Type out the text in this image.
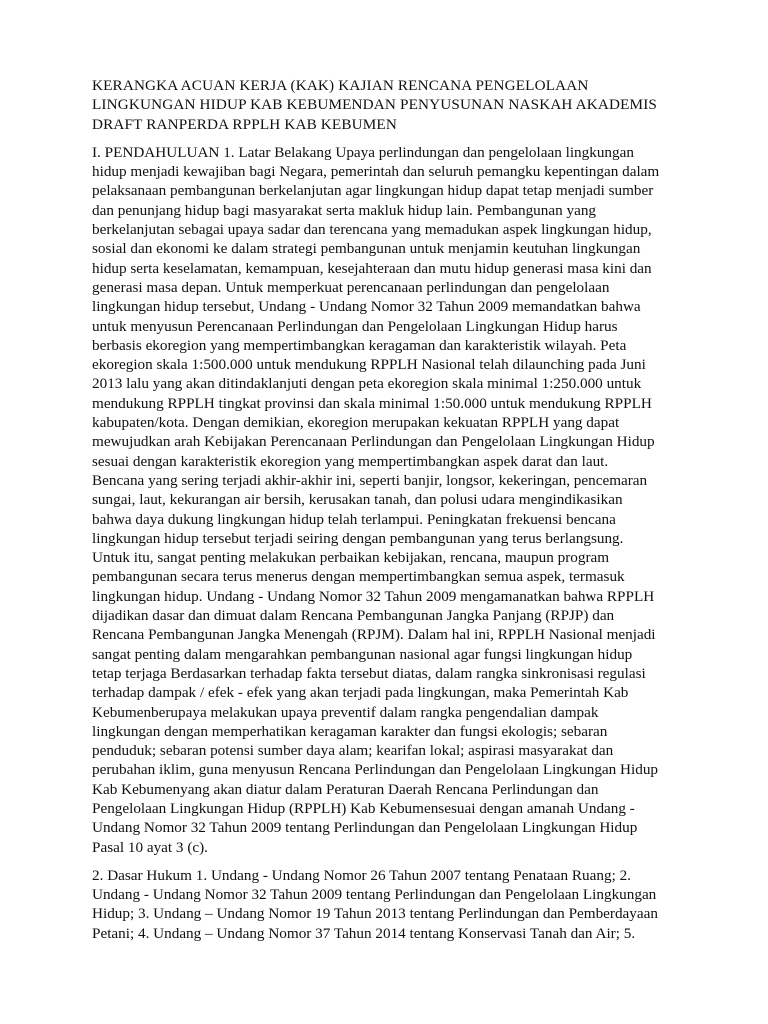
KERANGKA ACUAN KERJA (KAK) KAJIAN RENCANA PENGELOLAAN
LINGKUNGAN HIDUP KAB KEBUMENDAN PENYUSUNAN NASKAH AKADEMIS
DRAFT RANPERDA RPPLH KAB KEBUMEN

I. PENDAHULUAN 1. Latar Belakang Upaya perlindungan dan pengelolaan lingkungan
hidup menjadi kewajiban bagi Negara, pemerintah dan seluruh pemangku kepentingan dalam
pelaksanaan pembangunan berkelanjutan agar lingkungan hidup dapat tetap menjadi sumber
dan penunjang hidup bagi masyarakat serta makluk hidup lain. Pembangunan yang
berkelanjutan sebagai upaya sadar dan terencana yang memadukan aspek lingkungan hidup,
sosial dan ekonomi ke dalam strategi pembangunan untuk menjamin keutuhan lingkungan
hidup serta keselamatan, kemampuan, kesejahteraan dan mutu hidup generasi masa kini dan
generasi masa depan. Untuk memperkuat perencanaan perlindungan dan pengelolaan
lingkungan hidup tersebut, Undang - Undang Nomor 32 Tahun 2009 memandatkan bahwa
untuk menyusun Perencanaan Perlindungan dan Pengelolaan Lingkungan Hidup harus
berbasis ekoregion yang mempertimbangkan keragaman dan karakteristik wilayah. Peta
ekoregion skala 1:500.000 untuk mendukung RPPLH Nasional telah dilaunching pada Juni
2013 lalu yang akan ditindaklanjuti dengan peta ekoregion skala minimal 1:250.000 untuk
mendukung RPPLH tingkat provinsi dan skala minimal 1:50.000 untuk mendukung RPPLH
kabupaten/kota. Dengan demikian, ekoregion merupakan kekuatan RPPLH yang dapat
mewujudkan arah Kebijakan Perencanaan Perlindungan dan Pengelolaan Lingkungan Hidup
sesuai dengan karakteristik ekoregion yang mempertimbangkan aspek darat dan laut.
Bencana yang sering terjadi akhir-akhir ini, seperti banjir, longsor, kekeringan, pencemaran
sungai, laut, kekurangan air bersih, kerusakan tanah, dan polusi udara mengindikasikan
bahwa daya dukung lingkungan hidup telah terlampui. Peningkatan frekuensi bencana
lingkungan hidup tersebut terjadi seiring dengan pembangunan yang terus berlangsung.
Untuk itu, sangat penting melakukan perbaikan kebijakan, rencana, maupun program
pembangunan secara terus menerus dengan mempertimbangkan semua aspek, termasuk
lingkungan hidup. Undang - Undang Nomor 32 Tahun 2009 mengamanatkan bahwa RPPLH
dijadikan dasar dan dimuat dalam Rencana Pembangunan Jangka Panjang (RPJP) dan
Rencana Pembangunan Jangka Menengah (RPJM). Dalam hal ini, RPPLH Nasional menjadi
sangat penting dalam mengarahkan pembangunan nasional agar fungsi lingkungan hidup
tetap terjaga Berdasarkan terhadap fakta tersebut diatas, dalam rangka sinkronisasi regulasi
terhadap dampak / efek - efek yang akan terjadi pada lingkungan, maka Pemerintah Kab
Kebumenberupaya melakukan upaya preventif dalam rangka pengendalian dampak
lingkungan dengan memperhatikan keragaman karakter dan fungsi ekologis; sebaran
penduduk; sebaran potensi sumber daya alam; kearifan lokal; aspirasi masyarakat dan
perubahan iklim, guna menyusun Rencana Perlindungan dan Pengelolaan Lingkungan Hidup
Kab Kebumenyang akan diatur dalam Peraturan Daerah Rencana Perlindungan dan
Pengelolaan Lingkungan Hidup (RPPLH) Kab Kebumensesuai dengan amanah Undang -
Undang Nomor 32 Tahun 2009 tentang Perlindungan dan Pengelolaan Lingkungan Hidup
Pasal 10 ayat 3 (c).

2. Dasar Hukum 1. Undang - Undang Nomor 26 Tahun 2007 tentang Penataan Ruang; 2.
Undang - Undang Nomor 32 Tahun 2009 tentang Perlindungan dan Pengelolaan Lingkungan
Hidup; 3. Undang – Undang Nomor 19 Tahun 2013 tentang Perlindungan dan Pemberdayaan
Petani; 4. Undang – Undang Nomor 37 Tahun 2014 tentang Konservasi Tanah dan Air; 5.
